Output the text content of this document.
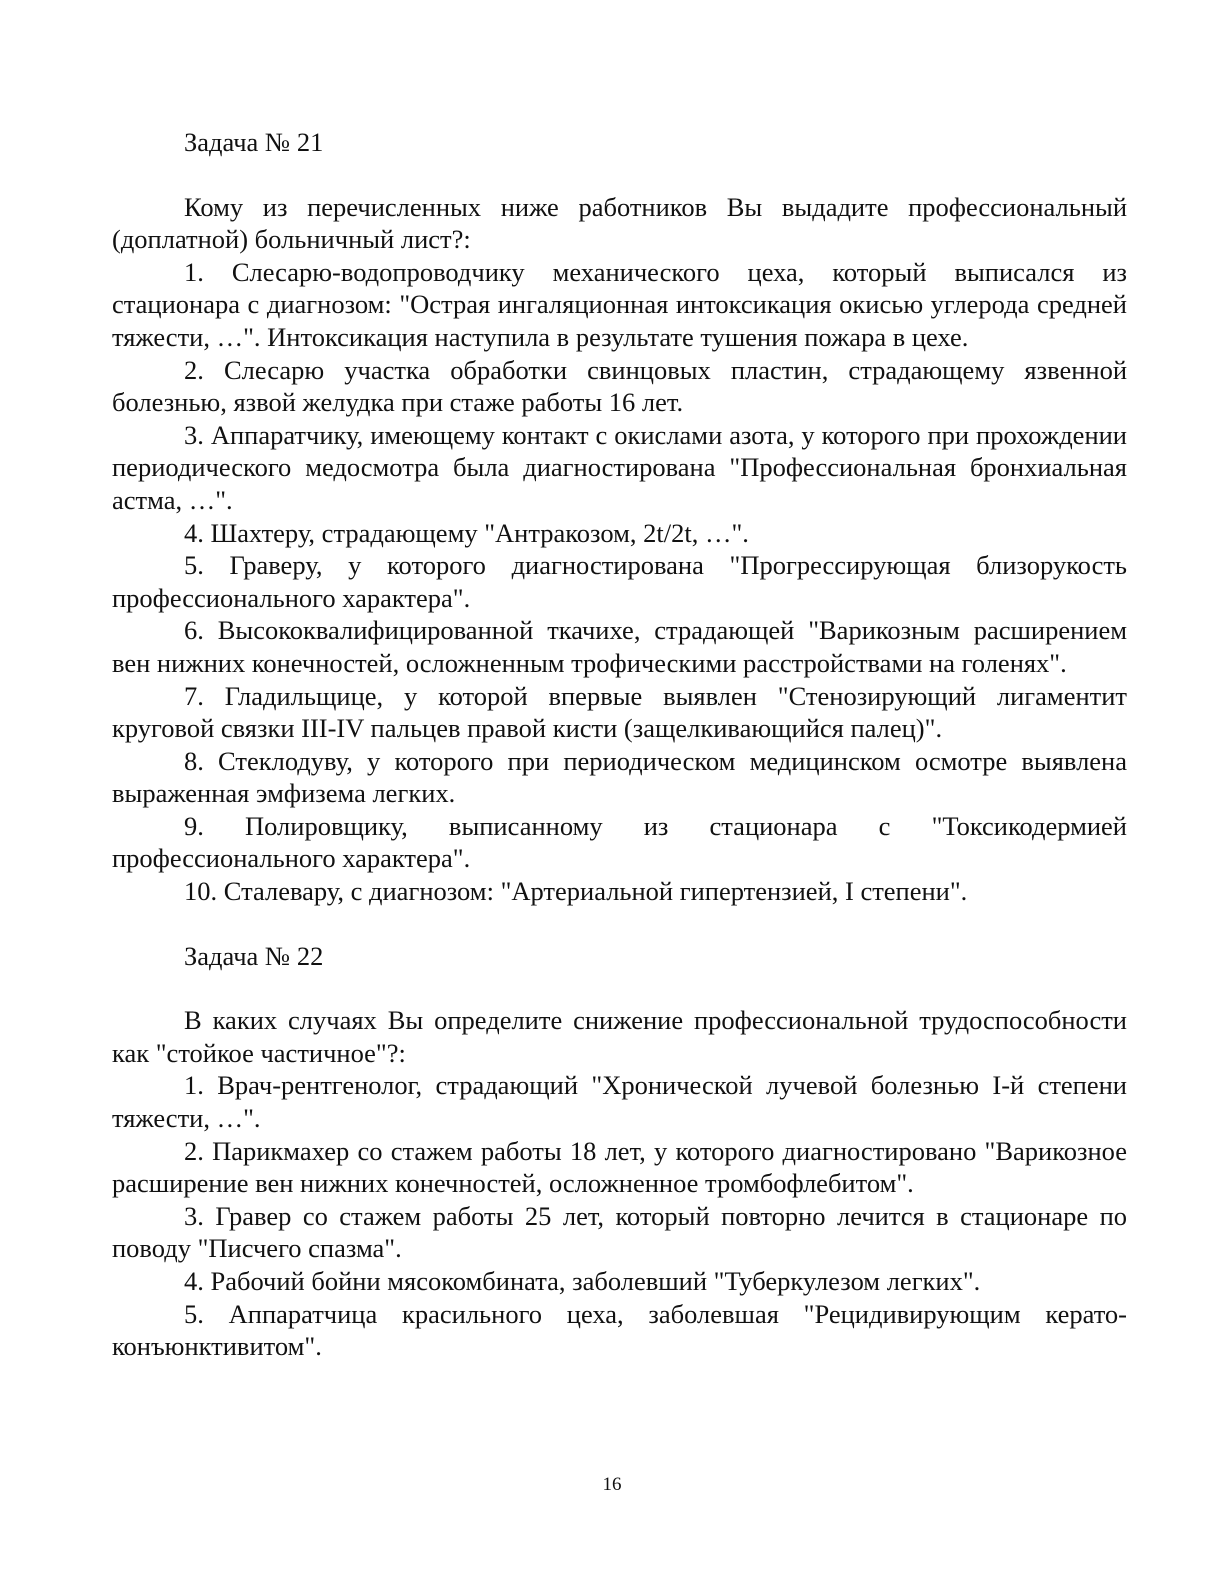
Задача № 21

Кому из перечисленных ниже работников Вы выдадите профессиональный (доплатной) больничный лист?:

1. Слесарю-водопроводчику механического цеха, который выписался из стационара с диагнозом: "Острая ингаляционная интоксикация окисью углерода средней тяжести, …". Интоксикация наступила в результате тушения пожара в цехе.

2. Слесарю участка обработки свинцовых пластин, страдающему язвенной болезнью, язвой желудка при стаже работы 16 лет.

3. Аппаратчику, имеющему контакт с окислами азота, у которого при прохождении периодического медосмотра была диагностирована "Профессиональная бронхиальная астма, …".

4. Шахтеру, страдающему "Антракозом, 2t/2t, …".

5. Граверу, у которого диагностирована "Прогрессирующая близорукость профессионального характера".

6. Высококвалифицированной ткачихе, страдающей "Варикозным расширением вен нижних конечностей, осложненным трофическими расстройствами на голенях".

7. Гладильщице, у которой впервые выявлен "Стенозирующий лигаментит круговой связки III-IV пальцев правой кисти (защелкивающийся палец)".

8. Стеклодуву, у которого при периодическом медицинском осмотре выявлена выраженная эмфизема легких.

9. Полировщику, выписанному из стационара с "Токсикодермией профессионального характера".

10. Сталевару, с диагнозом: "Артериальной гипертензией, I степени".

Задача № 22

В каких случаях Вы определите снижение профессиональной трудоспособности как "стойкое частичное"?:

1. Врач-рентгенолог, страдающий "Хронической лучевой болезнью I-й степени тяжести, …".

2. Парикмахер со стажем работы 18 лет, у которого диагностировано "Варикозное расширение вен нижних конечностей, осложненное тромбофлебитом".

3. Гравер со стажем работы 25 лет, который повторно лечится в стационаре по поводу "Писчего спазма".

4. Рабочий бойни мясокомбината, заболевший "Туберкулезом легких".

5. Аппаратчица красильного цеха, заболевшая "Рецидивирующим керато-конъюнктивитом".

16
